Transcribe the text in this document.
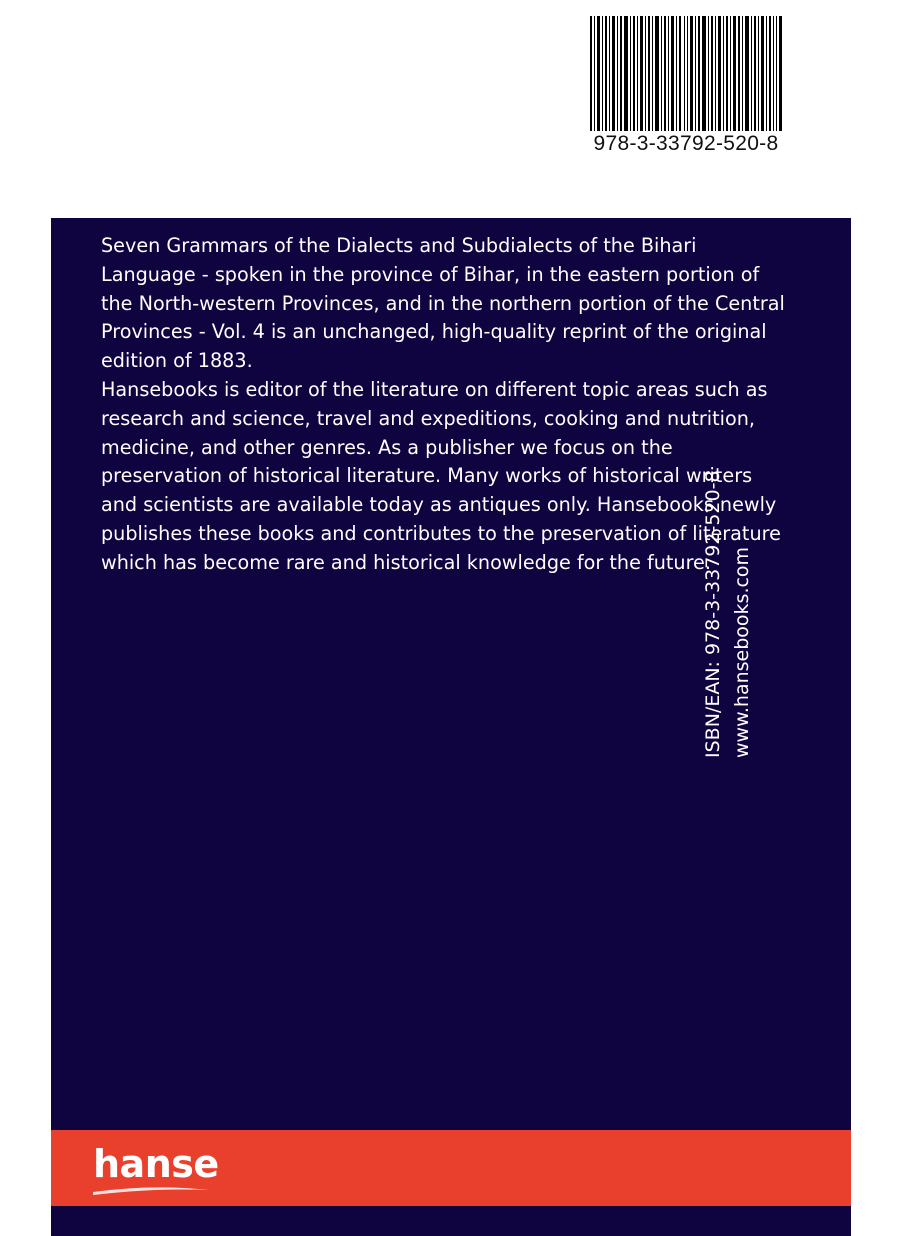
978-3-33792-520-8

Seven Grammars of the Dialects and Subdialects of the Bihari Language - spoken in the province of Bihar, in the eastern portion of the North-western Provinces, and in the northern portion of the Central Provinces - Vol. 4 is an unchanged, high-quality reprint of the original edition of 1883.

Hansebooks is editor of the literature on different topic areas such as research and science, travel and expeditions, cooking and nutrition, medicine, and other genres. As a publisher we focus on the preservation of historical literature. Many works of historical writers and scientists are available today as antiques only. Hansebooks newly publishes these books and contributes to the preservation of literature which has become rare and historical knowledge for the future.

ISBN/EAN: 978-3-33792-520-8 www.hansebooks.com
hanse
